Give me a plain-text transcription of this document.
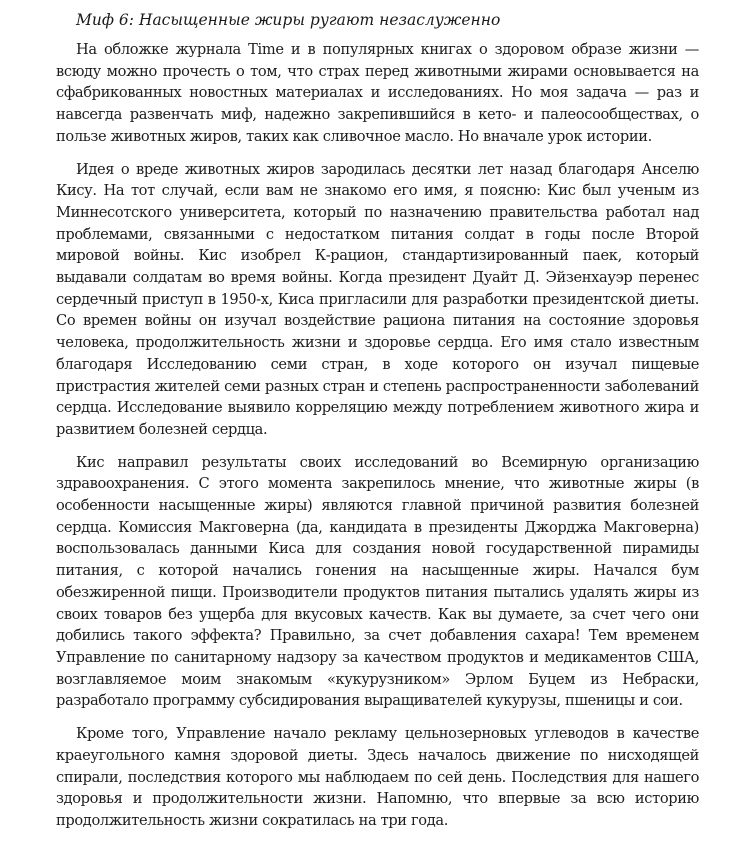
Миф 6: Насыщенные жиры ругают незаслуженно

На обложке журнала Time и в популярных книгах о здоровом образе жизни — всюду можно прочесть о том, что страх перед животными жирами основывается на сфабрикованных новостных материалах и исследованиях. Но моя задача — раз и навсегда развенчать миф, надежно закрепившийся в кето- и палеосообществах, о пользе животных жиров, таких как сливочное масло. Но вначале урок истории.

Идея о вреде животных жиров зародилась десятки лет назад благодаря Анселю Кису. На тот случай, если вам не знакомо его имя, я поясню: Кис был ученым из Миннесотского университета, который по назначению правительства работал над проблемами, связанными с недостатком питания солдат в годы после Второй мировой войны. Кис изобрел К-рацион, стандартизированный паек, который выдавали солдатам во время войны. Когда президент Дуайт Д. Эйзенхауэр перенес сердечный приступ в 1950-х, Киса пригласили для разработки президентской диеты. Со времен войны он изучал воздействие рациона питания на состояние здоровья человека, продолжительность жизни и здоровье сердца. Его имя стало известным благодаря Исследованию семи стран, в ходе которого он изучал пищевые пристрастия жителей семи разных стран и степень распространенности заболеваний сердца. Исследование выявило корреляцию между потреблением животного жира и развитием болезней сердца.

Кис направил результаты своих исследований во Всемирную организацию здравоохранения. С этого момента закрепилось мнение, что животные жиры (в особенности насыщенные жиры) являются главной причиной развития болезней сердца. Комиссия Макговерна (да, кандидата в президенты Джорджа Макговерна) воспользовалась данными Киса для создания новой государственной пирамиды питания, с которой начались гонения на насыщенные жиры. Начался бум обезжиренной пищи. Производители продуктов питания пытались удалять жиры из своих товаров без ущерба для вкусовых качеств. Как вы думаете, за счет чего они добились такого эффекта? Правильно, за счет добавления сахара! Тем временем Управление по санитарному надзору за качеством продуктов и медикаментов США, возглавляемое моим знакомым «кукурузником» Эрлом Буцем из Небраски, разработало программу субсидирования выращивателей кукурузы, пшеницы и сои.

Кроме того, Управление начало рекламу цельнозерновых углеводов в качестве краеугольного камня здоровой диеты. Здесь началось движение по нисходящей спирали, последствия которого мы наблюдаем по сей день. Последствия для нашего здоровья и продолжительности жизни. Напомню, что впервые за всю историю продолжительность жизни сократилась на три года.
